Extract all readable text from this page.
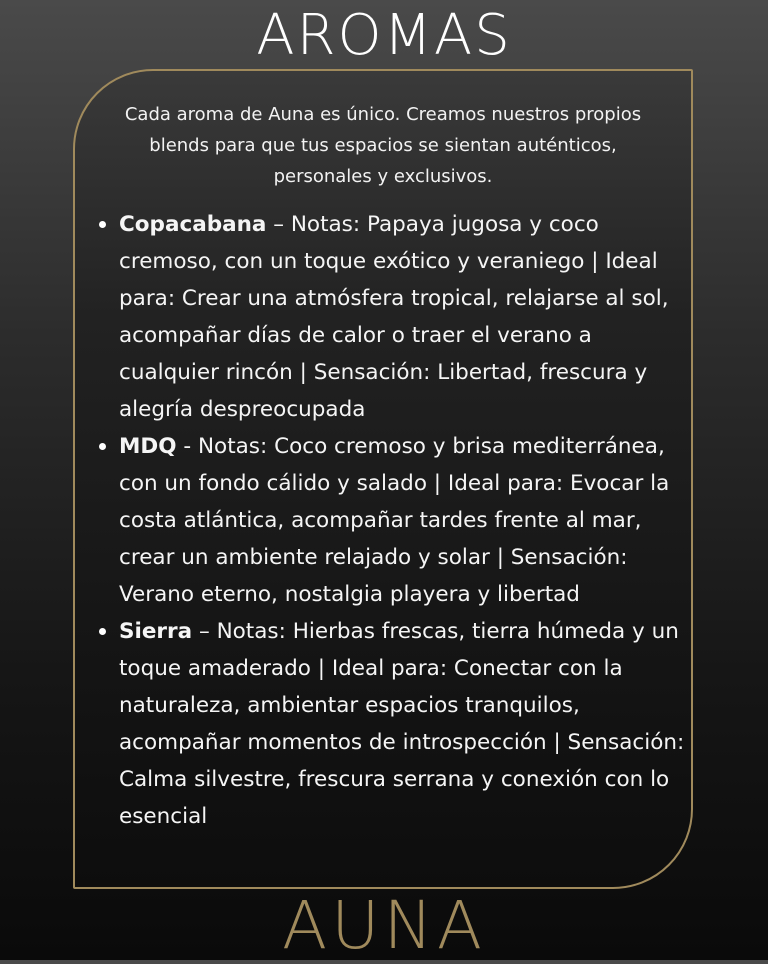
AROMAS
Cada aroma de Auna es único. Creamos nuestros propios blends para que tus espacios se sientan auténticos, personales y exclusivos.
Copacabana – Notas: Papaya jugosa y coco cremoso, con un toque exótico y veraniego | Ideal para: Crear una atmósfera tropical, relajarse al sol, acompañar días de calor o traer el verano a cualquier rincón | Sensación: Libertad, frescura y alegría despreocupada
MDQ - Notas: Coco cremoso y brisa mediterránea, con un fondo cálido y salado | Ideal para: Evocar la costa atlántica, acompañar tardes frente al mar, crear un ambiente relajado y solar | Sensación: Verano eterno, nostalgia playera y libertad
Sierra – Notas: Hierbas frescas, tierra húmeda y un toque amaderado | Ideal para: Conectar con la naturaleza, ambientar espacios tranquilos, acompañar momentos de introspección | Sensación: Calma silvestre, frescura serrana y conexión con lo esencial
AUNA
